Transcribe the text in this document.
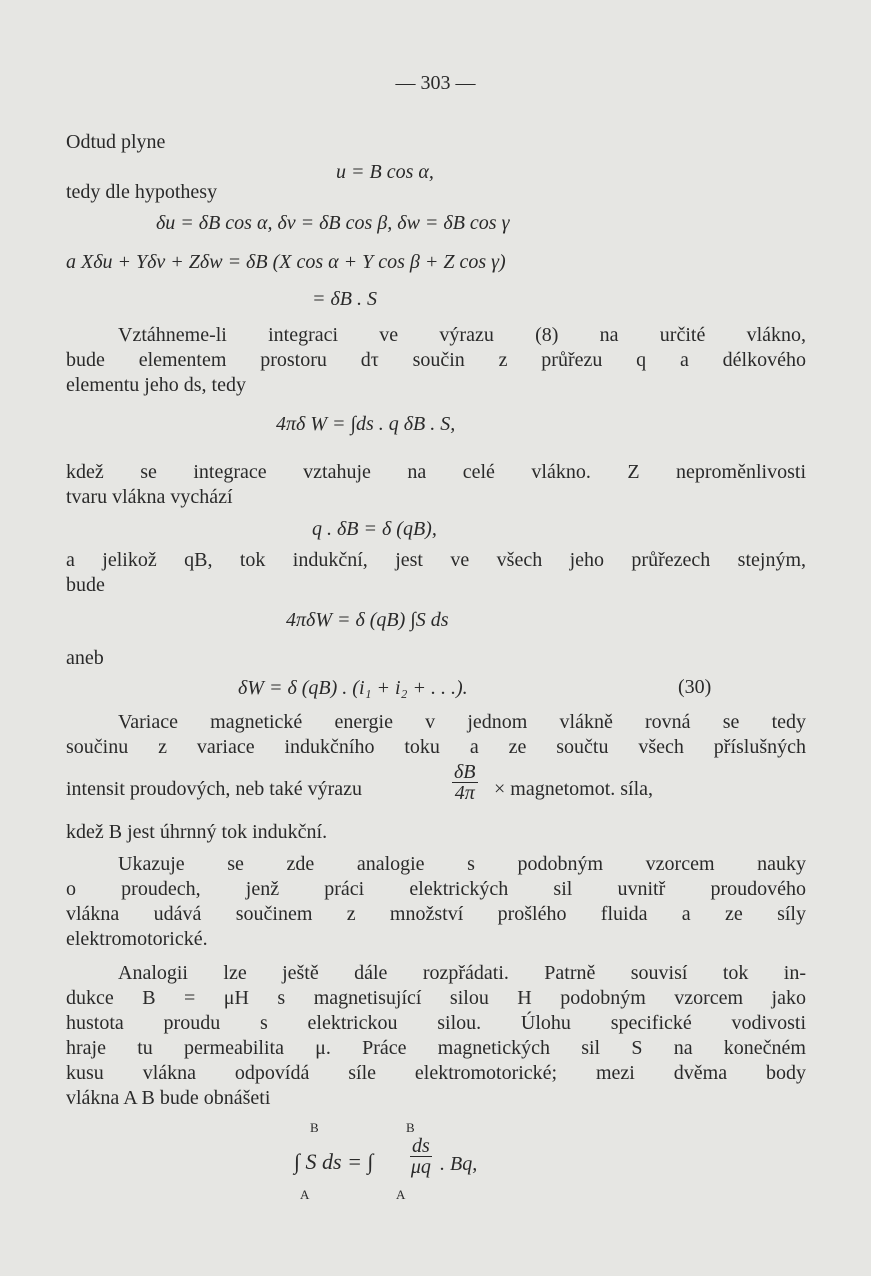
— 303 —
Odtud plyne
u = B cos α,
tedy dle hypothesy
δu = δB cos α, δv = δB cos β, δw = δB cos γ
a Xδu + Yδv + Zδw = δB (X cos α + Y cos β + Z cos γ)
= δB . S
Vztáhneme-li integraci ve výrazu (8) na určité vlákno,
bude elementem prostoru dτ součin z průřezu q a délkového
elementu jeho ds, tedy
4πδ W = ∫ds . q δB . S,
kdež se integrace vztahuje na celé vlákno. Z neproměnlivosti
tvaru vlákna vychází
q . δB = δ (qB),
a jelikož qB, tok indukční, jest ve všech jeho průřezech stejným,
bude
4πδW = δ (qB) ∫S ds
aneb
δW = δ (qB) . (i₁ + i₂ + . . .).	(30)
Variace magnetické energie v jednom vlákně rovná se tedy
součinu z variace indukčního toku a ze součtu všech příslušných
intensit proudových, neb také výrazu	$\frac{\delta B}{4\pi}$ × magnetomot. síla,
kdež B jest úhrnný tok indukční.
Ukazuje se zde analogie s podobným vzorcem nauky
o proudech, jenž práci elektrických sil uvnitř proudového
vlákna udává součinem z množství prošlého fluida a ze síly
elektromotorické.
Analogii lze ještě dále rozpřádati. Patrně souvisí tok in-
dukce B = μH s magnetisující silou H podobným vzorcem jako
hustota proudu s elektrickou silou. Úlohu specifické vodivosti
hraje tu permeabilita μ. Práce magnetických sil S na konečném
kusu vlákna odpovídá síle elektromotorické; mezi dvěma body
vlákna A B bude obnášeti
B
∫ S ds = ∫
A
B
A
$\frac{ds}{\mu q}$ . Bq,
